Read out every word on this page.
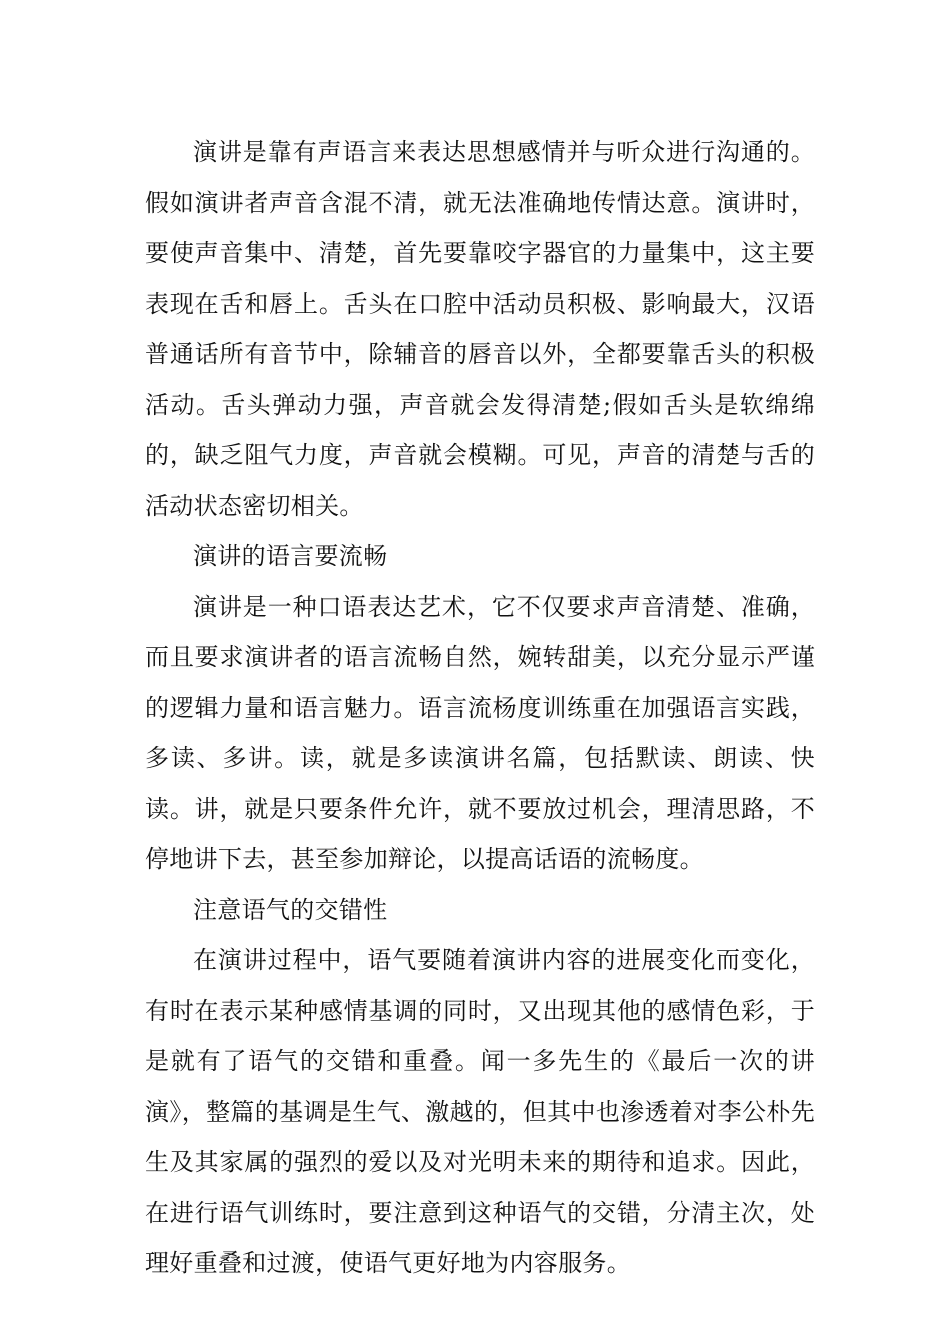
演讲是靠有声语言来表达思想感情并与听众进行沟通的。假如演讲者声音含混不清，就无法准确地传情达意。演讲时，要使声音集中、清楚，首先要靠咬字器官的力量集中，这主要表现在舌和唇上。舌头在口腔中活动员积极、影响最大，汉语普通话所有音节中，除辅音的唇音以外，全都要靠舌头的积极活动。舌头弹动力强，声音就会发得清楚;假如舌头是软绵绵的，缺乏阻气力度，声音就会模糊。可见，声音的清楚与舌的活动状态密切相关。

演讲的语言要流畅

演讲是一种口语表达艺术，它不仅要求声音清楚、准确，而且要求演讲者的语言流畅自然，婉转甜美，以充分显示严谨的逻辑力量和语言魅力。语言流杨度训练重在加强语言实践，多读、多讲。读，就是多读演讲名篇，包括默读、朗读、快读。讲，就是只要条件允许，就不要放过机会，理清思路，不停地讲下去，甚至参加辩论，以提高话语的流畅度。

注意语气的交错性

在演讲过程中，语气要随着演讲内容的进展变化而变化，有时在表示某种感情基调的同时，又出现其他的感情色彩，于是就有了语气的交错和重叠。闻一多先生的《最后一次的讲演》，整篇的基调是生气、激越的，但其中也渗透着对李公朴先生及其家属的强烈的爱以及对光明未来的期待和追求。因此，在进行语气训练时，要注意到这种语气的交错，分清主次，处理好重叠和过渡，使语气更好地为内容服务。
